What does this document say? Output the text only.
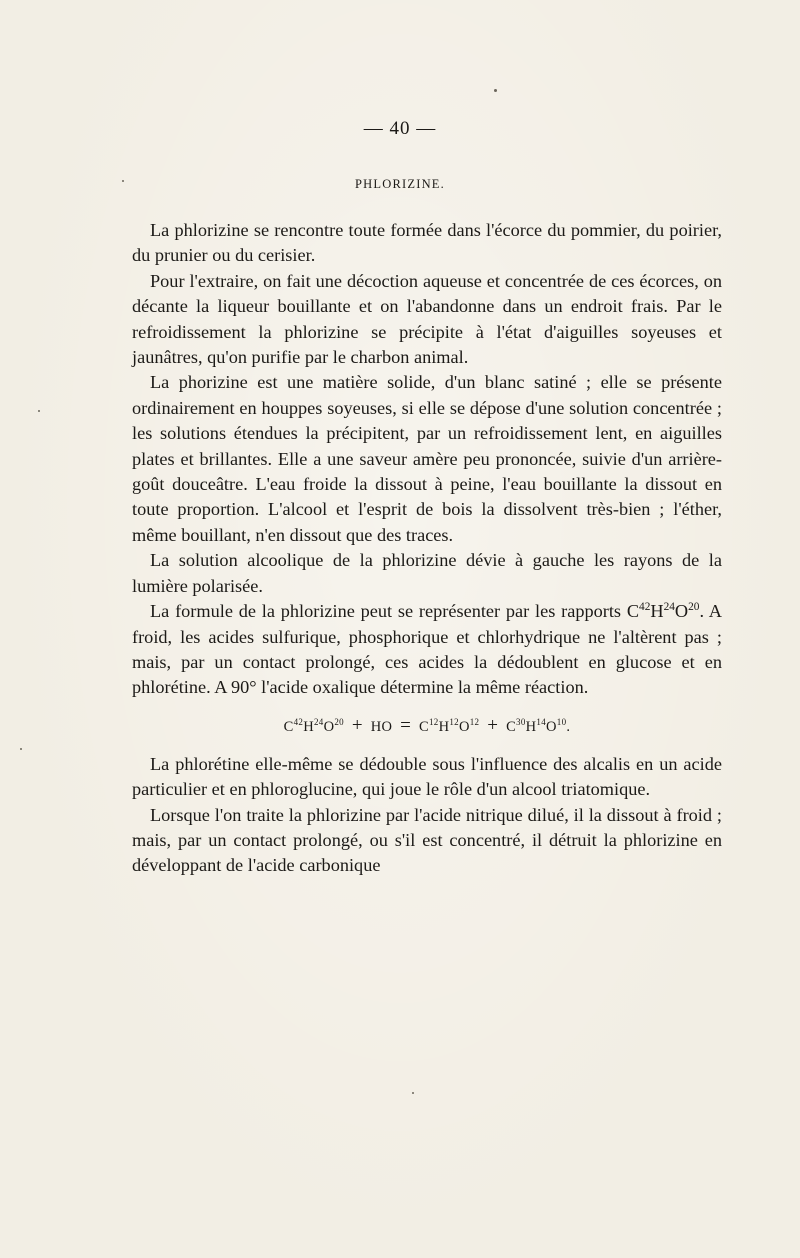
— 40 —
PHLORIZINE.

La phlorizine se rencontre toute formée dans l'écorce du pommier, du poirier, du prunier ou du cerisier.

Pour l'extraire, on fait une décoction aqueuse et concentrée de ces écorces, on décante la liqueur bouillante et on l'abandonne dans un endroit frais. Par le refroidissement la phlorizine se précipite à l'état d'aiguilles soyeuses et jaunâtres, qu'on purifie par le charbon animal.

La phorizine est une matière solide, d'un blanc satiné ; elle se présente ordinairement en houppes soyeuses, si elle se dépose d'une solution concentrée ; les solutions étendues la précipitent, par un refroidissement lent, en aiguilles plates et brillantes. Elle a une saveur amère peu prononcée, suivie d'un arrière-goût douceâtre. L'eau froide la dissout à peine, l'eau bouillante la dissout en toute proportion. L'alcool et l'esprit de bois la dissolvent très-bien ; l'éther, même bouillant, n'en dissout que des traces.

La solution alcoolique de la phlorizine dévie à gauche les rayons de la lumière polarisée.

La formule de la phlorizine peut se représenter par les rapports $C^{42}H^{24}O^{20}$. A froid, les acides sulfurique, phosphorique et chlorhydrique ne l'altèrent pas ; mais, par un contact prolongé, ces acides la dédoublent en glucose et en phlorétine. A 90° l'acide oxalique détermine la même réaction.

$C^{42}H^{24}O^{20}$ + HO = $C^{12}H^{12}O^{12} + C^{30}H^{14}O^{10}$.

La phlorétine elle-même se dédouble sous l'influence des alcalis en un acide particulier et en phloroglucine, qui joue le rôle d'un alcool triatomique.

Lorsque l'on traite la phlorizine par l'acide nitrique dilué, il la dissout à froid ; mais, par un contact prolongé, ou s'il est concentré, il détruit la phlorizine en développant de l'acide carbonique
